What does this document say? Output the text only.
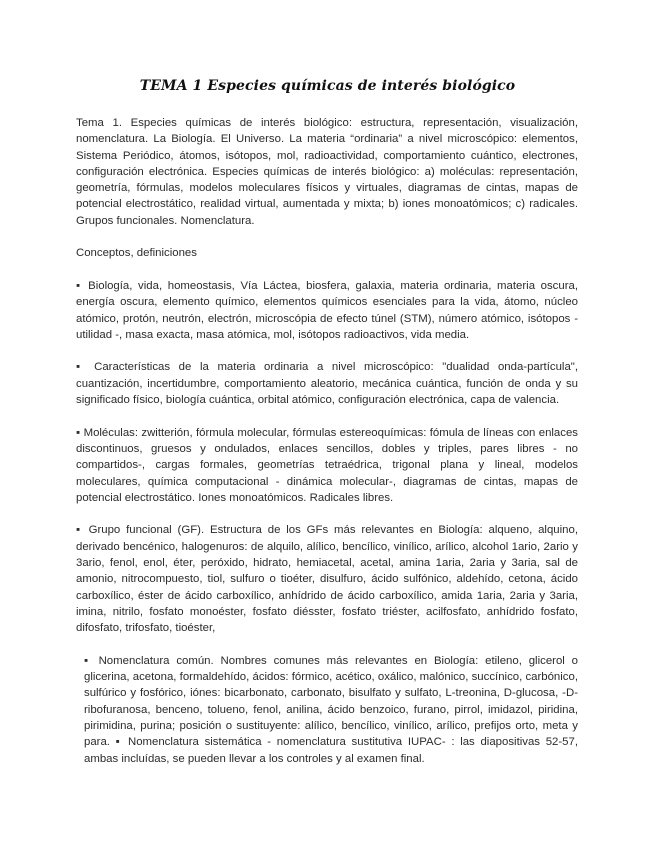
TEMA 1 Especies químicas de interés biológico

Tema 1. Especies químicas de interés biológico: estructura, representación, visualización, nomenclatura. La Biología. El Universo. La materia “ordinaria” a nivel microscópico: elementos, Sistema Periódico, átomos, isótopos, mol, radioactividad, comportamiento cuántico, electrones, configuración electrónica. Especies químicas de interés biológico: a) moléculas: representación, geometría, fórmulas, modelos moleculares físicos y virtuales, diagramas de cintas, mapas de potencial electrostático, realidad virtual, aumentada y mixta; b) iones monoatómicos; c) radicales. Grupos funcionales. Nomenclatura.

Conceptos, definiciones

▪ Biología, vida, homeostasis, Vía Láctea, biosfera, galaxia, materia ordinaria, materia oscura, energía oscura, elemento químico, elementos químicos esenciales para la vida, átomo, núcleo atómico, protón, neutrón, electrón, microscópia de efecto túnel (STM), número atómico, isótopos - utilidad -, masa exacta, masa atómica, mol, isótopos radioactivos, vida media.

▪ Características de la materia ordinaria a nivel microscópico: "dualidad onda-partícula", cuantización, incertidumbre, comportamiento aleatorio, mecánica cuántica, función de onda y su significado físico, biología cuántica, orbital atómico, configuración electrónica, capa de valencia.

▪ Moléculas: zwitterión, fórmula molecular, fórmulas estereoquímicas: fómula de líneas con enlaces discontinuos, gruesos y ondulados, enlaces sencillos, dobles y triples, pares libres - no compartidos-, cargas formales, geometrías tetraédrica, trigonal plana y lineal, modelos moleculares, química computacional - dinámica molecular-, diagramas de cintas, mapas de potencial electrostático. Iones monoatómicos. Radicales libres.

▪ Grupo funcional (GF). Estructura de los GFs más relevantes en Biología: alqueno, alquino, derivado bencénico, halogenuros: de alquilo, alílico, bencílico, vinílico, arílico, alcohol 1ario, 2ario y 3ario, fenol, enol, éter, peróxido, hidrato, hemiacetal, acetal, amina 1aria, 2aria y 3aria, sal de amonio, nitrocompuesto, tiol, sulfuro o tioéter, disulfuro, ácido sulfónico, aldehído, cetona, ácido carboxílico, éster de ácido carboxílico, anhídrido de ácido carboxílico, amida 1aria, 2aria y 3aria, imina, nitrilo, fosfato monoéster, fosfato diésster, fosfato triéster, acilfosfato, anhídrido fosfato, difosfato, trifosfato, tioéster,

▪ Nomenclatura común. Nombres comunes más relevantes en Biología: etileno, glicerol o glicerina, acetona, formaldehído, ácidos: fórmico, acético, oxálico, malónico, succínico, carbónico, sulfúrico y fosfórico, iónes: bicarbonato, carbonato, bisulfato y sulfato, L-treonina, D-glucosa, -D-ribofuranosa, benceno, tolueno, fenol, anilina, ácido benzoico, furano, pirrol, imidazol, piridina, pirimidina, purina; posición o sustituyente: alílico, bencílico, vinílico, arílico, prefijos orto, meta y para. ▪ Nomenclatura sistemática - nomenclatura sustitutiva IUPAC- : las diapositivas 52-57, ambas incluídas, se pueden llevar a los controles y al examen final.
